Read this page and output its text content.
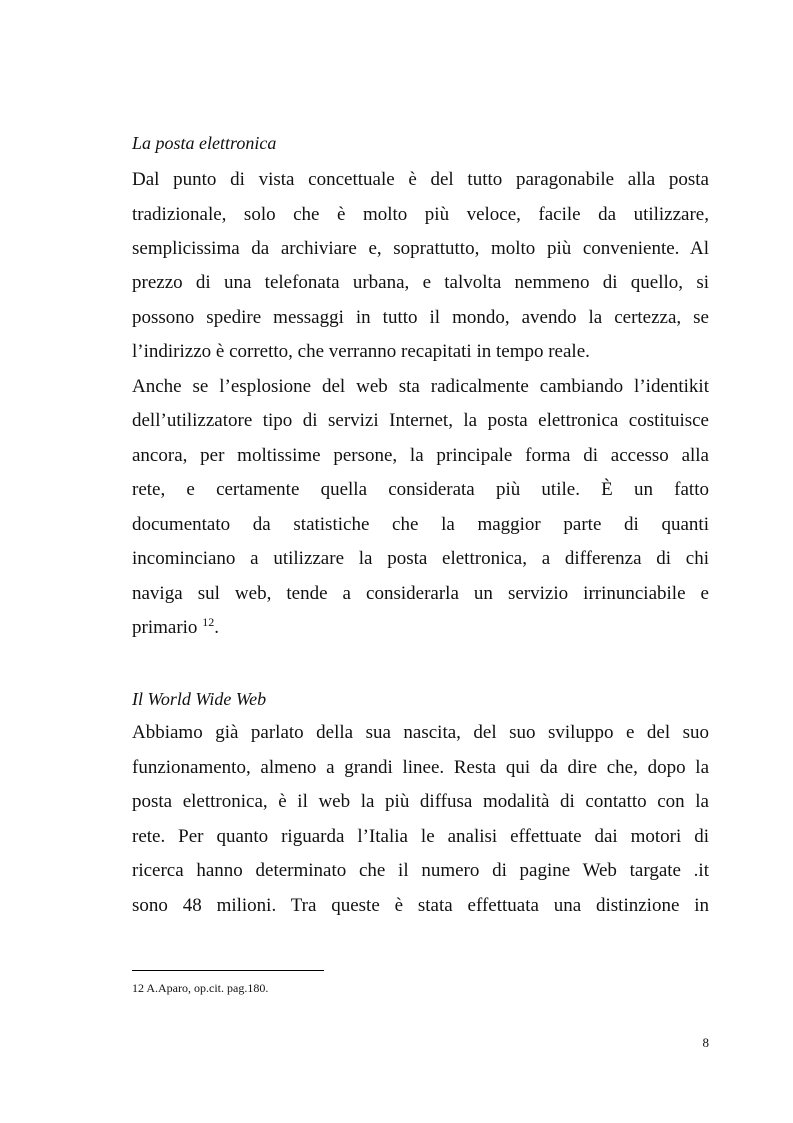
La posta elettronica
Dal punto di vista concettuale è del tutto paragonabile alla posta
tradizionale, solo che è molto più veloce, facile da utilizzare,
semplicissima da archiviare e, soprattutto, molto più conveniente. Al
prezzo di una telefonata urbana, e talvolta nemmeno di quello, si
possono spedire messaggi in tutto il mondo, avendo la certezza, se
l’indirizzo è corretto, che verranno recapitati in tempo reale.
Anche se l’esplosione del web sta radicalmente cambiando l’identikit
dell’utilizzatore tipo di servizi Internet, la posta elettronica costituisce
ancora, per moltissime persone, la principale forma di accesso alla
rete, e certamente quella considerata più utile. È un fatto
documentato da statistiche che la maggior parte di quanti
incominciano a utilizzare la posta elettronica, a differenza di chi
naviga sul web, tende a considerarla un servizio irrinunciabile e
primario $^{12}$.
Il World Wide Web
Abbiamo già parlato della sua nascita, del suo sviluppo e del suo
funzionamento, almeno a grandi linee. Resta qui da dire che, dopo la
posta elettronica, è il web la più diffusa modalità di contatto con la
rete. Per quanto riguarda l’Italia le analisi effettuate dai motori di
ricerca hanno determinato che il numero di pagine Web targate .it
sono 48 milioni. Tra queste è stata effettuata una distinzione in
12 A.Aparo, op.cit. pag.180.
8
